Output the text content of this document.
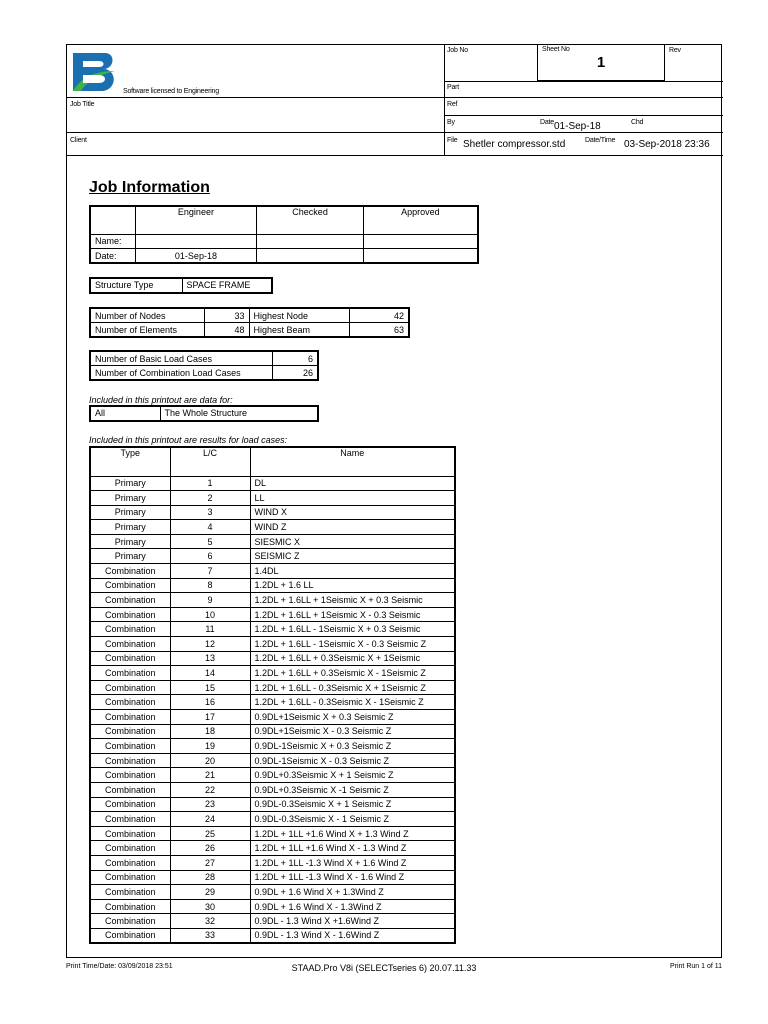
Software licensed to Engineering
Job No	Sheet No
1
Rev
Part
Job Title	Ref
By	Date 01-Sep-18	Chd
Client	File Shetler compressor.std	Date/Time 03-Sep-2018 23:36
Job Information
	Engineer	Checked	Approved
Name:			
Date:	01-Sep-18		
Structure Type	SPACE FRAME
Number of Nodes	33	Highest Node	42
Number of Elements	48	Highest Beam	63
Number of Basic Load Cases	6
Number of Combination Load Cases	26
Included in this printout are data for:
All	The Whole Structure
Included in this printout are results for load cases:
Type	L/C	Name
Primary	1	DL
Primary	2	LL
Primary	3	WIND X
Primary	4	WIND Z
Primary	5	SIESMIC X
Primary	6	SEISMIC Z
Combination	7	1.4DL
Combination	8	1.2DL + 1.6 LL
Combination	9	1.2DL + 1.6LL + 1Seismic X + 0.3 Seismic
Combination	10	1.2DL + 1.6LL + 1Seismic X - 0.3 Seismic
Combination	11	1.2DL + 1.6LL - 1Seismic X + 0.3 Seismic
Combination	12	1.2DL + 1.6LL - 1Seismic X - 0.3 Seismic Z
Combination	13	1.2DL + 1.6LL + 0.3Seismic X + 1Seismic
Combination	14	1.2DL + 1.6LL + 0.3Seismic X - 1Seismic Z
Combination	15	1.2DL + 1.6LL - 0.3Seismic X + 1Seismic Z
Combination	16	1.2DL + 1.6LL - 0.3Seismic X - 1Seismic Z
Combination	17	0.9DL+1Seismic X + 0.3 Seismic Z
Combination	18	0.9DL+1Seismic X - 0.3 Seismic Z
Combination	19	0.9DL-1Seismic X + 0.3 Seismic Z
Combination	20	0.9DL-1Seismic X - 0.3 Seismic Z
Combination	21	0.9DL+0.3Seismic X + 1 Seismic Z
Combination	22	0.9DL+0.3Seismic X -1 Seismic Z
Combination	23	0.9DL-0.3Seismic X + 1 Seismic Z
Combination	24	0.9DL-0.3Seismic X - 1 Seismic Z
Combination	25	1.2DL + 1LL +1.6 Wind X + 1.3 Wind Z
Combination	26	1.2DL + 1LL +1.6 Wind X - 1.3 Wind Z
Combination	27	1.2DL + 1LL -1.3 Wind X + 1.6 Wind Z
Combination	28	1.2DL + 1LL -1.3 Wind X - 1.6 Wind Z
Combination	29	0.9DL + 1.6 Wind X + 1.3Wind Z
Combination	30	0.9DL + 1.6 Wind X - 1.3Wind Z
Combination	32	0.9DL - 1.3 Wind X +1.6Wind Z
Combination	33	0.9DL - 1.3 Wind X - 1.6Wind Z
Print Time/Date: 03/09/2018 23:51	STAAD.Pro V8i (SELECTseries 6) 20.07.11.33	Print Run 1 of 11
